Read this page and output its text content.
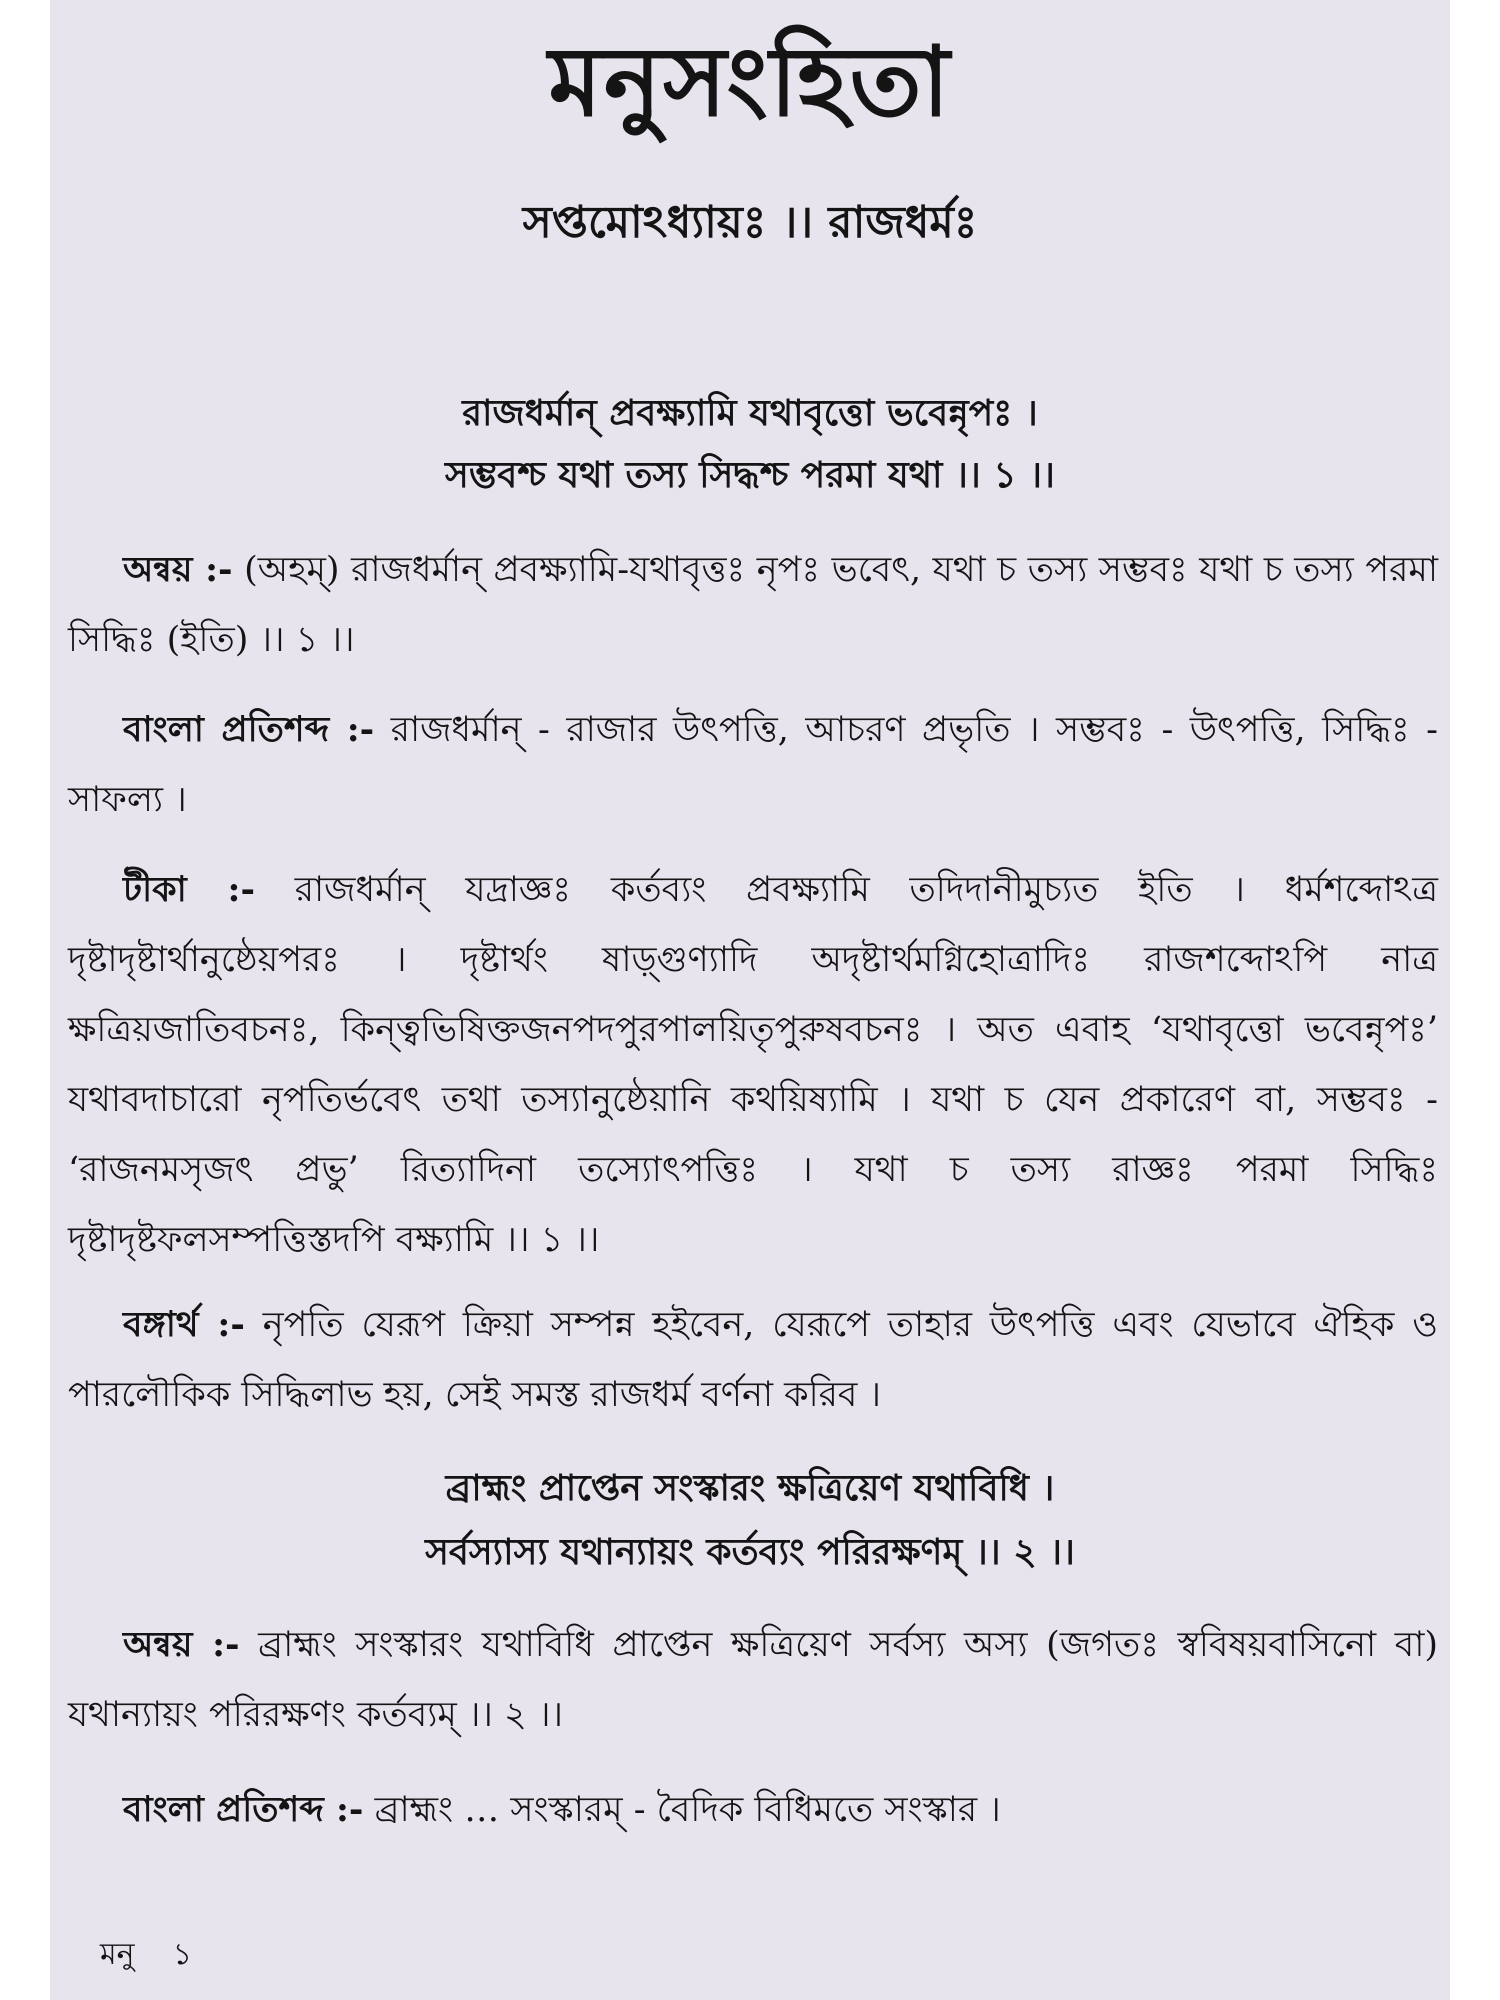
মনুসংহিতা
সপ্তমোঽধ্যায়ঃ ।। রাজধর্মঃ
রাজধর্মান্ প্রবক্ষ্যামি যথাবৃত্তো ভবেন্নৃপঃ ।
সম্ভবশ্চ যথা তস্য সিদ্ধশ্চ পরমা যথা ।। ১ ।।
অন্বয় :- (অহম্) রাজধর্মান্ প্রবক্ষ্যামি-যথাবৃত্তঃ নৃপঃ ভবেৎ, যথা চ তস্য সম্ভবঃ যথা চ তস্য পরমা সিদ্ধিঃ (ইতি) ।। ১ ।।
বাংলা প্রতিশব্দ :- রাজধর্মান্ - রাজার উৎপত্তি, আচরণ প্রভৃতি । সম্ভবঃ - উৎপত্তি, সিদ্ধিঃ - সাফল্য ।
টীকা :- রাজধর্মান্ যদ্রাজ্ঞঃ কর্তব্যং প্রবক্ষ্যামি তদিদানীমুচ্যত ইতি । ধর্মশব্দোঽত্র দৃষ্টাদৃষ্টার্থানুষ্ঠেয়পরঃ । দৃষ্টার্থং ষাড়্গুণ্যাদি অদৃষ্টার্থমগ্নিহোত্রাদিঃ রাজশব্দোঽপি নাত্র ক্ষত্রিয়জাতিবচনঃ, কিন্ত্বভিষিক্তজনপদপুরপালয়িতৃপুরুষবচনঃ । অত এবাহ ‘যথাবৃত্তো ভবেন্নৃপঃ’ যথাবদাচারো নৃপতির্ভবেৎ তথা তস্যানুষ্ঠেয়ানি কথয়িষ্যামি । যথা চ যেন প্রকারেণ বা, সম্ভবঃ - ‘রাজনমসৃজৎ প্রভু’ রিত্যাদিনা তস্যোৎপত্তিঃ । যথা চ তস্য রাজ্ঞঃ পরমা সিদ্ধিঃ দৃষ্টাদৃষ্টফলসম্পত্তিস্তদপি বক্ষ্যামি ।। ১ ।।
বঙ্গার্থ :- নৃপতি যেরূপ ক্রিয়া সম্পন্ন হইবেন, যেরূপে তাহার উৎপত্তি এবং যেভাবে ঐহিক ও পারলৌকিক সিদ্ধিলাভ হয়, সেই সমস্ত রাজধর্ম বর্ণনা করিব ।
ব্রাহ্মং প্রাপ্তেন সংস্কারং ক্ষত্রিয়েণ যথাবিধি ।
সর্বস্যাস্য যথান্যায়ং কর্তব্যং পরিরক্ষণম্ ।। ২ ।।
অন্বয় :- ব্রাহ্মং সংস্কারং যথাবিধি প্রাপ্তেন ক্ষত্রিয়েণ সর্বস্য অস্য (জগতঃ স্ববিষয়বাসিনো বা) যথান্যায়ং পরিরক্ষণং কর্তব্যম্ ।। ২ ।।
বাংলা প্রতিশব্দ :- ব্রাহ্মং … সংস্কারম্ - বৈদিক বিধিমতে সংস্কার ।
মনু ১
